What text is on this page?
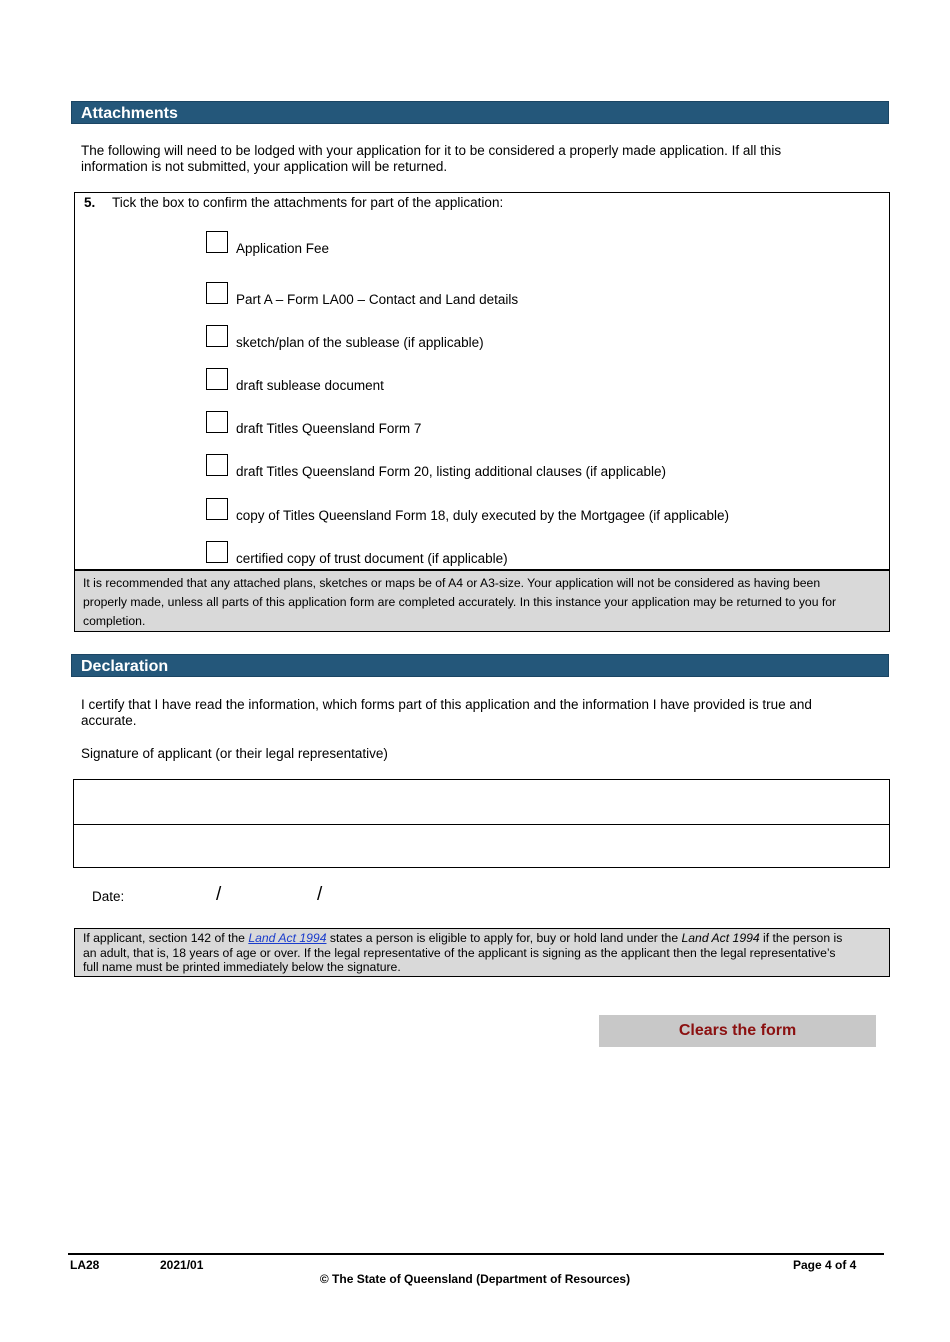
Attachments
The following will need to be lodged with your application for it to be considered a properly made application. If all this
information is not submitted, your application will be returned.
5. Tick the box to confirm the attachments for part of the application:
Application Fee
Part A – Form LA00 – Contact and Land details
sketch/plan of the sublease (if applicable)
draft sublease document
draft Titles Queensland Form 7
draft Titles Queensland Form 20, listing additional clauses (if applicable)
copy of Titles Queensland Form 18, duly executed by the Mortgagee (if applicable)
certified copy of trust document (if applicable)
It is recommended that any attached plans, sketches or maps be of A4 or A3-size. Your application will not be considered as having been
properly made, unless all parts of this application form are completed accurately. In this instance your application may be returned to you for
completion.
Declaration
I certify that I have read the information, which forms part of this application and the information I have provided is true and
accurate.
Signature of applicant (or their legal representative)
Date:	/	/
If applicant, section 142 of the Land Act 1994 states a person is eligible to apply for, buy or hold land under the Land Act 1994 if the person is
an adult, that is, 18 years of age or over. If the legal representative of the applicant is signing as the applicant then the legal representative’s
full name must be printed immediately below the signature.
Clears the form
LA28	2021/01	Page 4 of 4
© The State of Queensland (Department of Resources)
